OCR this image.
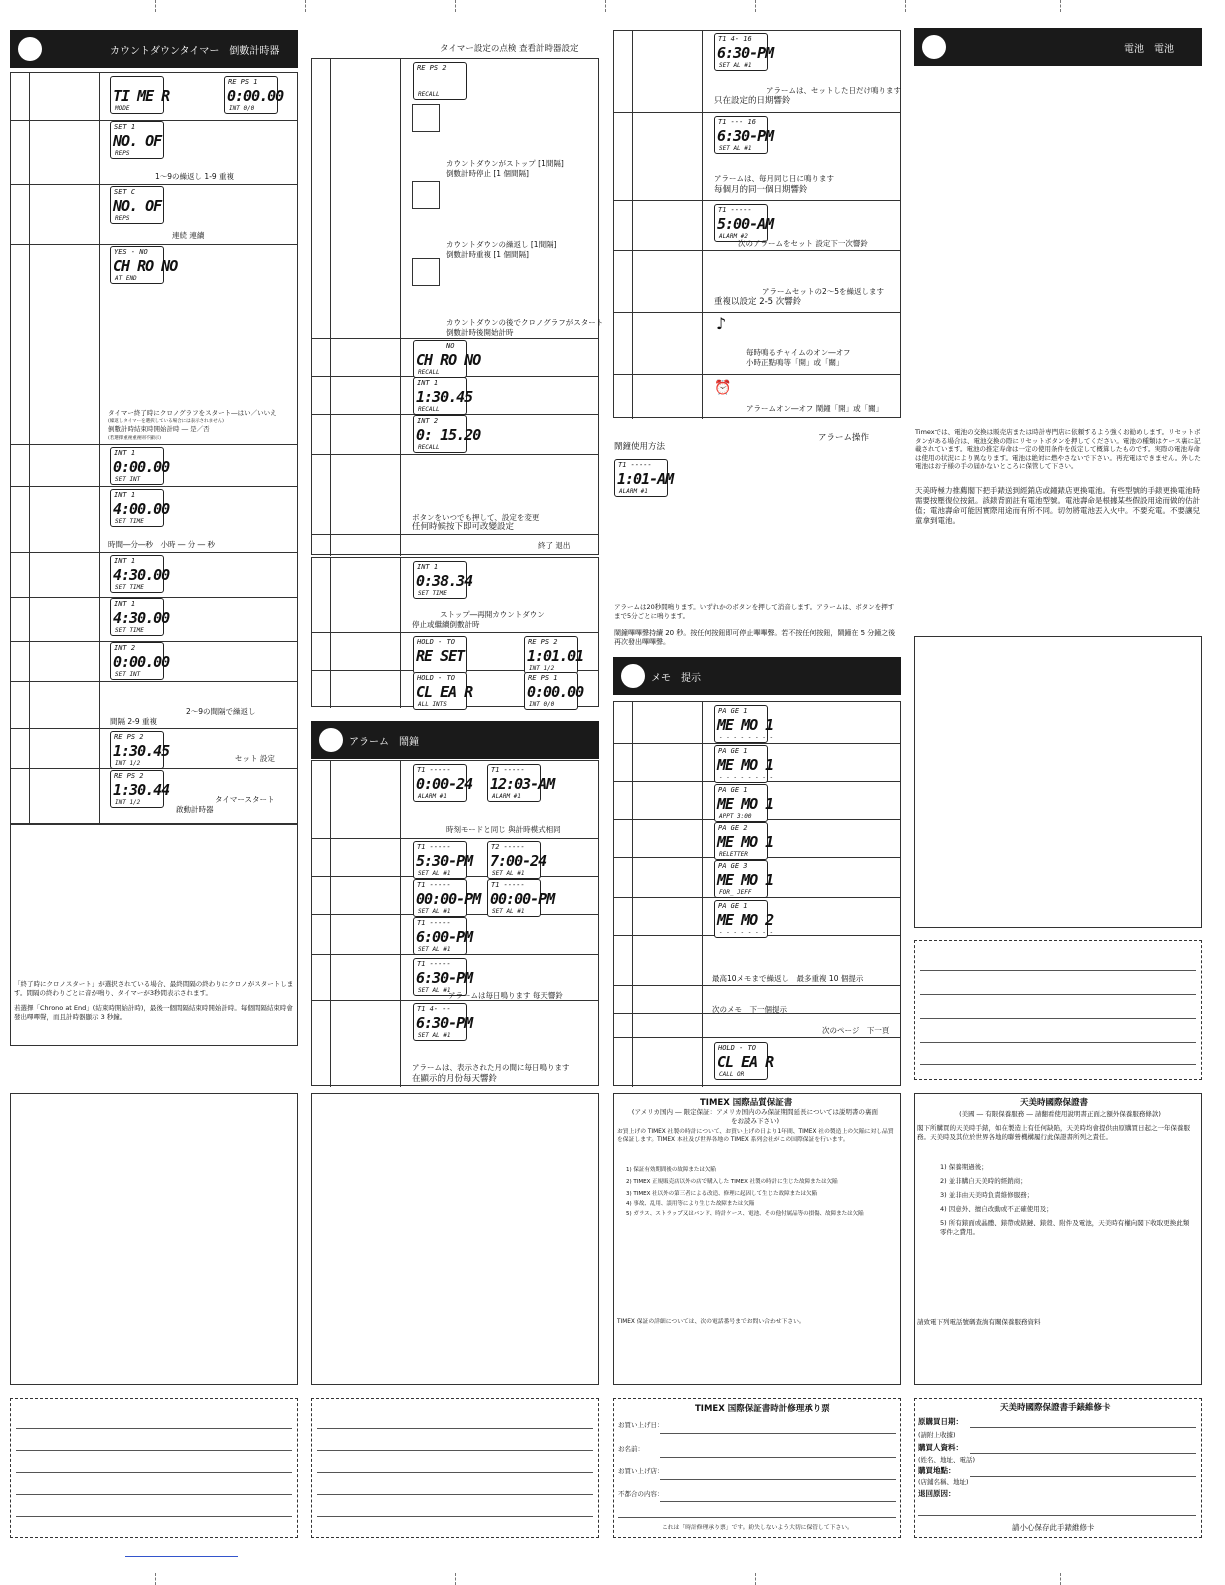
カウントダウンタイマー　倒數計時器
TI ME R
MODE
RE PS 1
0:00.00
INT 0/0
SET 1
NO. OF
REPS
1～9の繰返し 1-9 重複
SET C
NO. OF
REPS
連続 連續
YES - NO
CH RO NO
AT END
タイマー終了時にクロノグラフをスタート―はい／いいえ
(繰返しタイマーを選択している場合には表示されません)
倒數計時結束時開始計時 ― 是／否
(若選擇重複重複則不顯示)
INT 1
0:00.00
SET INT
INT 1
4:00.00
SET TIME
時間―分―秒　小時 ― 分 ― 秒
INT 1
4:30.00
SET TIME
INT 1
4:30.00
SET TIME
INT 2
0:00.00
SET INT
2～9の間隔で繰返し
間隔 2-9 重複
RE PS 2
1:30.45
INT 1/2
セット 設定
RE PS 2
1:30.44
INT 1/2	タイマースタート
啟動計時器
「終了時にクロノスタート」が選択されている場合、最終間隔の終わりにクロノがスタートします。間隔の終わりごとに音が鳴り、タイマーが3秒間表示されます。
若選擇「Chrono at End」(結束時開始計時)，最後一個間隔結束時開始計時。每個間隔結束時會發出嗶嗶聲，而且計時器顯示 3 秒鐘。
タイマー設定の点検 查看計時器設定
RE PS 2
RECALL
カウントダウンがストップ [1間隔]
倒數計時停止 [1 個間隔]
カウントダウンの繰返し [1間隔]
倒數計時重複 [1 個間隔]
カウントダウンの後でクロノグラフがスタート
倒數計時後開始計時
NO
CH RO NO
RECALL
INT 1
1:30.45
RECALL
INT 2
0: 15.20
RECALL
ボタンをいつでも押して、設定を変更
任何時候按下即可改變設定
終了 退出
INT 1
0:38.34
SET TIME
ストップ―再開カウントダウン
停止或繼續倒數計時
HOLD - TO
RE SET
RE PS 2
1:01.01
INT 1/2
HOLD - TO
CL EA R
ALL INTS
RE PS 1
0:00.00
INT 0/0
アラーム　鬧鐘
T1 -----
0:00-24
ALARM #1
T1 -----
12:03-AM
ALARM #1
時刻モードと同じ 與計時模式相同
T1 -----
5:30-PM
SET AL #1
T2 -----
7:00-24
SET AL #1
T1 -----
00:00-PM
SET AL #1
T1 -----
00:00-PM
SET AL #1
T1 -----
6:00-PM
SET AL #1
T1 -----
6:30-PM
SET AL #1
アラームは毎日鳴ります 每天響鈴
T1 4- --
6:30-PM
SET AL #1
アラームは、表示された月の間に毎日鳴ります
在顯示的月份每天響鈴
T1 4- 16
6:30-PM
SET AL #1
アラームは、セットした日だけ鳴ります
只在設定的日期響鈴
T1 --- 16
6:30-PM
SET AL #1
アラームは、毎月同じ日に鳴ります
每個月的同一個日期響鈴
T1 -----
5:00-AM
ALARM #2
次のアラームをセット 設定下一次響鈴
アラームセットの2～5を繰返します
重複以設定 2-5 次響鈴
♪
毎時鳴るチャイムのオン―オフ
小時正點鳴等「開」或「關」
⏰
アラームオン―オフ 鬧鐘「開」或「關」
アラーム操作
鬧鐘使用方法
T1 -----
1:01-AM
ALARM #1
アラームは20秒間鳴ります。いずれかのボタンを押して消音します。アラームは、ボタンを押すまで5分ごとに鳴ります。
鬧鐘嗶嗶聲持續 20 秒。按任何按鈕即可停止嗶嗶聲。若不按任何按鈕，鬧鐘在 5 分鐘之後再次發出嗶嗶聲。
メモ　提示
PA GE 1
ME MO 1
- - - - - - - -
PA GE 1
ME MO 1
- - - - - - - -
PA GE 1
ME MO 1
APPT 3:00
PA GE 2
ME MO 1
RELETTER
PA GE 3
ME MO 1
FOR_ JEFF
PA GE 1
ME MO 2
- - - - - - - -
最高10メモまで繰返し　 最多重複 10 個提示
次のメモ　下一個提示
次のページ　下一頁
HOLD - TO
CL EA R
CALL OR
電池　電池
Timexでは、電池の交換は販売店または時計専門店に依頼するよう強くお勧めします。リセットボタンがある場合は、電池交換の際にリセットボタンを押してください。電池の種類はケース裏に記載されています。電池の推定寿命は一定の使用条件を仮定して概算したものです。実際の電池寿命は使用の状況により異なります。電池は絶対に燃やさないで下さい。再充電はできません。外した電池はお子様の手の届かないところに保管して下さい。
天美時極力推薦閣下把手錶送到經銷店或鐘錶店更換電池。有些型號的手錶更換電池時需要按壓復位按鈕。該錶背面註有電池型號。電池壽命是根據某些假設用途而做的估計值；電池壽命可能因實際用途而有所不同。切勿將電池丟入火中。不要充電。不要讓兒童拿到電池。
TIMEX 国際品質保証書
(アメリカ国内 ― 限定保証：アメリカ国内のみ保証期間延長については説明書の裏面をお読み下さい)
お買上げの TIMEX 社製の時計について、お買い上げの日より1年間、TIMEX 社の製造上の欠陥に対し品質を保証します。TIMEX 本社及び世界各地の TIMEX 系列会社がこの国際保証を行います。
1) 保証有効期間後の故障または欠陥
2) TIMEX 正規販売店以外の店で購入した TIMEX 社製の時計に生じた故障または欠陥
3) TIMEX 社以外の第三者による改造、修理に起因して生じた故障または欠陥
4) 事故、乱用、誤用等により生じた故障または欠陥
5) ガラス、ストラップ又はバンド、時計ケース、電池、その他付属品等の損傷、故障または欠陥
TIMEX 保証の詳細については、次の電話番号までお問い合わせ下さい。
天美時國際保證書
(美國 ― 有限保養服務 ― 請翻看使用說明書正面之額外保養服務條款)
閣下所購買的天美時手錶，如在製造上有任何缺陷，天美時均會提供由原購買日起之一年保養服務。天美時及其位於世界各地的聯營機構履行此保證書所列之責任。
1) 保養期過後；
2) 並非購自天美時的經銷商；
3) 並非由天美時負責維修服務；
4) 因意外、擅自改動或不正確使用及；
5) 所有錶面或晶體、錶帶或錶鏈、錶殼、附件及電池，天美時有權向閣下收取更換此類零件之費用。
請致電下列電話號碼查詢有關保養服務資料
TIMEX 国際保証書時計修理承り票
お買い上げ日：
お名前：
お買い上げ店：
不都合の内容：
これは「時計修理承り票」です。紛失しないよう大切に保管して下さい。
天美時國際保證書手錶維修卡
原購買日期：
(請附上收據)
購買人資料：
(姓名、地址、電話)
購買地點：
(店鋪名稱、地址)
退回原因：
請小心保存此手錶維修卡
